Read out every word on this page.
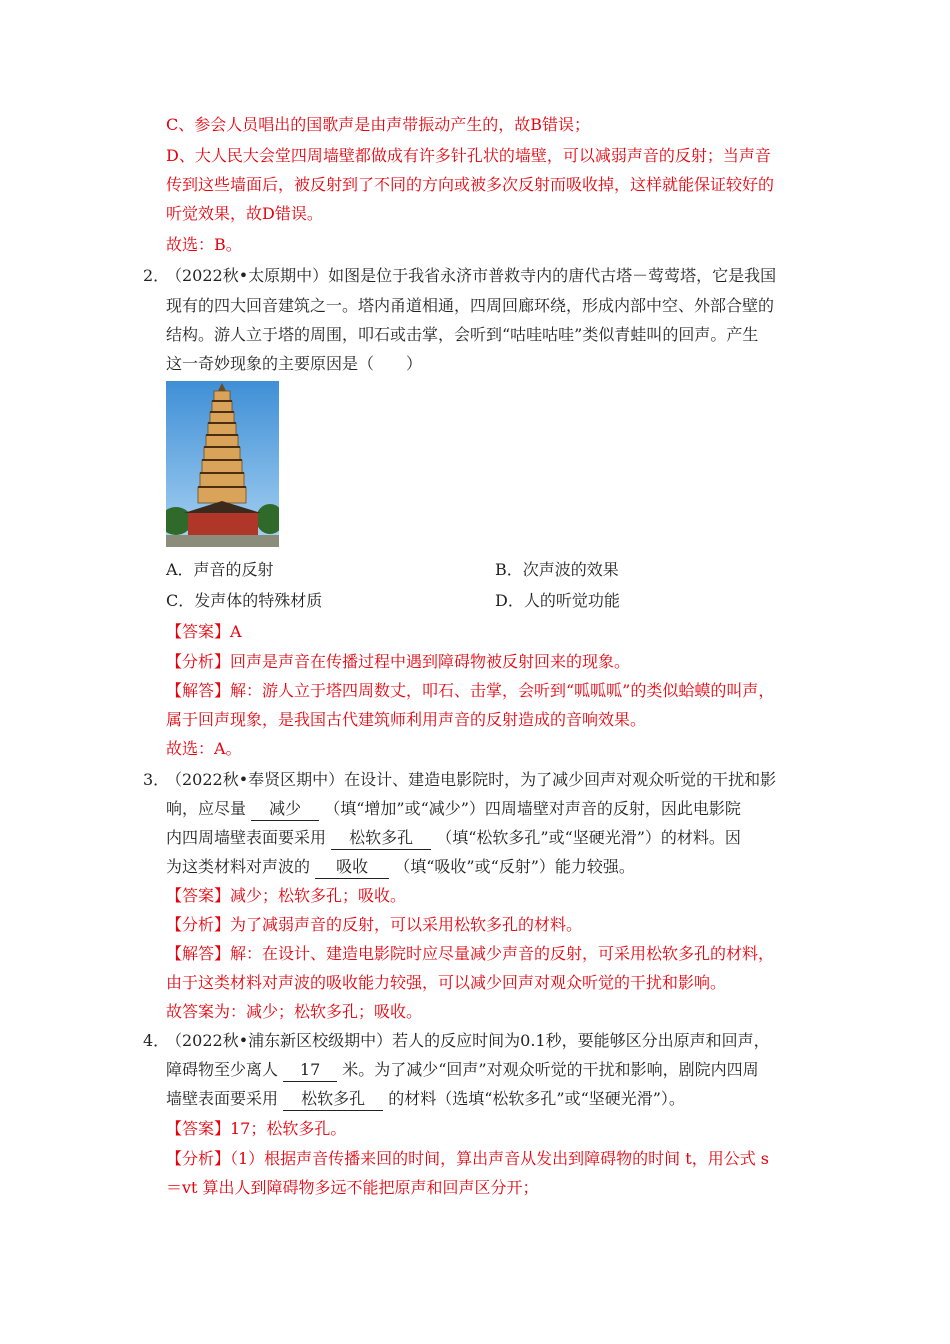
C、参会人员唱出的国歌声是由声带振动产生的，故B错误；
D、大人民大会堂四周墙壁都做成有许多针孔状的墙壁，可以减弱声音的反射；当声音
传到这些墙面后，被反射到了不同的方向或被多次反射而吸收掉，这样就能保证较好的
听觉效果，故D错误。
故选：B。
2．
（2022秋•太原期中）如图是位于我省永济市普救寺内的唐代古塔－莺莺塔，它是我国
现有的四大回音建筑之一。塔内甬道相通，四周回廊环绕，形成内部中空、外部合壁的
结构。游人立于塔的周围，叩石或击掌，会听到“咕哇咕哇”类似青蛙叫的回声。产生
这一奇妙现象的主要原因是（　　）
A．声音的反射	B．次声波的效果
C．发声体的特殊材质	D．人的听觉功能
【答案】A
【分析】回声是声音在传播过程中遇到障碍物被反射回来的现象。
【解答】解：游人立于塔四周数丈，叩石、击掌，会听到“呱呱呱”的类似蛤蟆的叫声，
属于回声现象，是我国古代建筑师利用声音的反射造成的音响效果。
故选：A。
3．
（2022秋•奉贤区期中）在设计、建造电影院时，为了减少回声对观众听觉的干扰和影
响，应尽量 减少 （填“增加”或“减少”）四周墙壁对声音的反射，因此电影院
内四周墙壁表面要采用 松软多孔 （填“松软多孔”或“坚硬光滑”）的材料。因
为这类材料对声波的 吸收 （填“吸收”或“反射”）能力较强。
【答案】减少；松软多孔；吸收。
【分析】为了减弱声音的反射，可以采用松软多孔的材料。
【解答】解：在设计、建造电影院时应尽量减少声音的反射，可采用松软多孔的材料，
由于这类材料对声波的吸收能力较强，可以减少回声对观众听觉的干扰和影响。
故答案为：减少；松软多孔；吸收。
4．
（2022秋•浦东新区校级期中）若人的反应时间为0.1秒，要能够区分出原声和回声，
障碍物至少离人 17 米。为了减少“回声”对观众听觉的干扰和影响，剧院内四周
墙壁表面要采用 松软多孔 的材料（选填“松软多孔”或“坚硬光滑”）。
【答案】17；松软多孔。
【分析】（1）根据声音传播来回的时间，算出声音从发出到障碍物的时间 t，用公式 s
＝vt 算出人到障碍物多远不能把原声和回声区分开；
